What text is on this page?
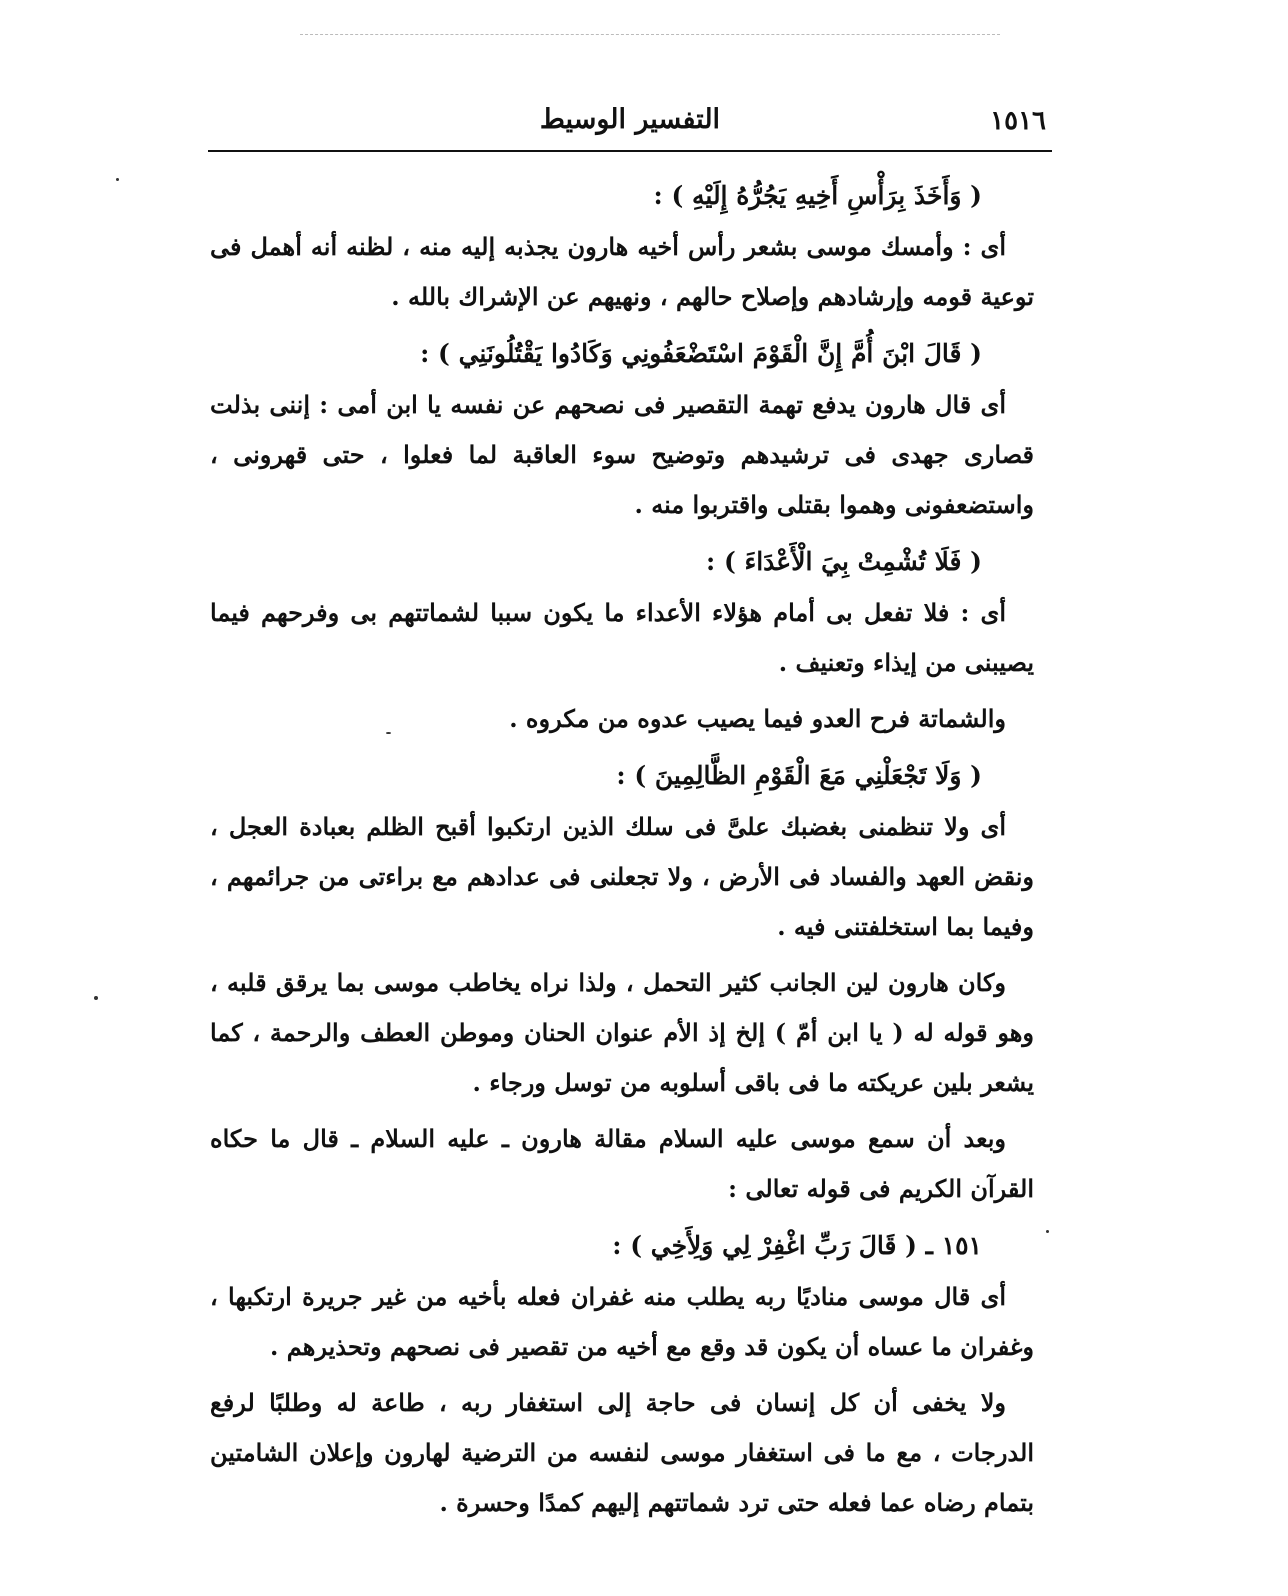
١٥١٦
التفسير الوسيط

( وَأَخَذَ بِرَأْسِ أَخِيهِ يَجُرُّهُ إِلَيْهِ ) :

أى : وأمسك موسى بشعر رأس أخيه هارون يجذبه إليه منه ، لظنه أنه أهمل فى توعية قومه وإرشادهم وإصلاح حالهم ، ونهيهم عن الإشراك بالله .

( قَالَ ابْنَ أُمَّ إِنَّ الْقَوْمَ اسْتَضْعَفُونِي وَكَادُوا يَقْتُلُونَنِي ) :

أى قال هارون يدفع تهمة التقصير فى نصحهم عن نفسه يا ابن أمى : إننى بذلت قصارى جهدى فى ترشيدهم وتوضيح سوء العاقبة لما فعلوا ، حتى قهرونى ، واستضعفونى وهموا بقتلى واقتربوا منه .

( فَلَا تُشْمِتْ بِيَ الْأَعْدَاءَ ) :

أى : فلا تفعل بى أمام هؤلاء الأعداء ما يكون سببا لشماتتهم بى وفرحهم فيما يصيبنى من إيذاء وتعنيف .

والشماتة فرح العدو فيما يصيب عدوه من مكروه .

( وَلَا تَجْعَلْنِي مَعَ الْقَوْمِ الظَّالِمِينَ ) :

أى ولا تنظمنى بغضبك علىَّ فى سلك الذين ارتكبوا أقبح الظلم بعبادة العجل ، ونقض العهد والفساد فى الأرض ، ولا تجعلنى فى عدادهم مع براءتى من جرائمهم ، وفيما بما استخلفتنى فيه .

وكان هارون لين الجانب كثير التحمل ، ولذا نراه يخاطب موسى بما يرقق قلبه ، وهو قوله له ( يا ابن أمّ ) إلخ إذ الأم عنوان الحنان وموطن العطف والرحمة ، كما يشعر بلين عريكته ما فى باقى أسلوبه من توسل ورجاء .

وبعد أن سمع موسى عليه السلام مقالة هارون ـ عليه السلام ـ قال ما حكاه القرآن الكريم فى قوله تعالى :

١٥١ ـ ( قَالَ رَبِّ اغْفِرْ لِي وَلِأَخِي ) :

أى قال موسى مناديًا ربه يطلب منه غفران فعله بأخيه من غير جريرة ارتكبها ، وغفران ما عساه أن يكون قد وقع مع أخيه من تقصير فى نصحهم وتحذيرهم .

ولا يخفى أن كل إنسان فى حاجة إلى استغفار ربه ، طاعة له وطلبًا لرفع الدرجات ، مع ما فى استغفار موسى لنفسه من الترضية لهارون وإعلان الشامتين بتمام رضاه عما فعله حتى ترد شماتتهم إليهم كمدًا وحسرة .
